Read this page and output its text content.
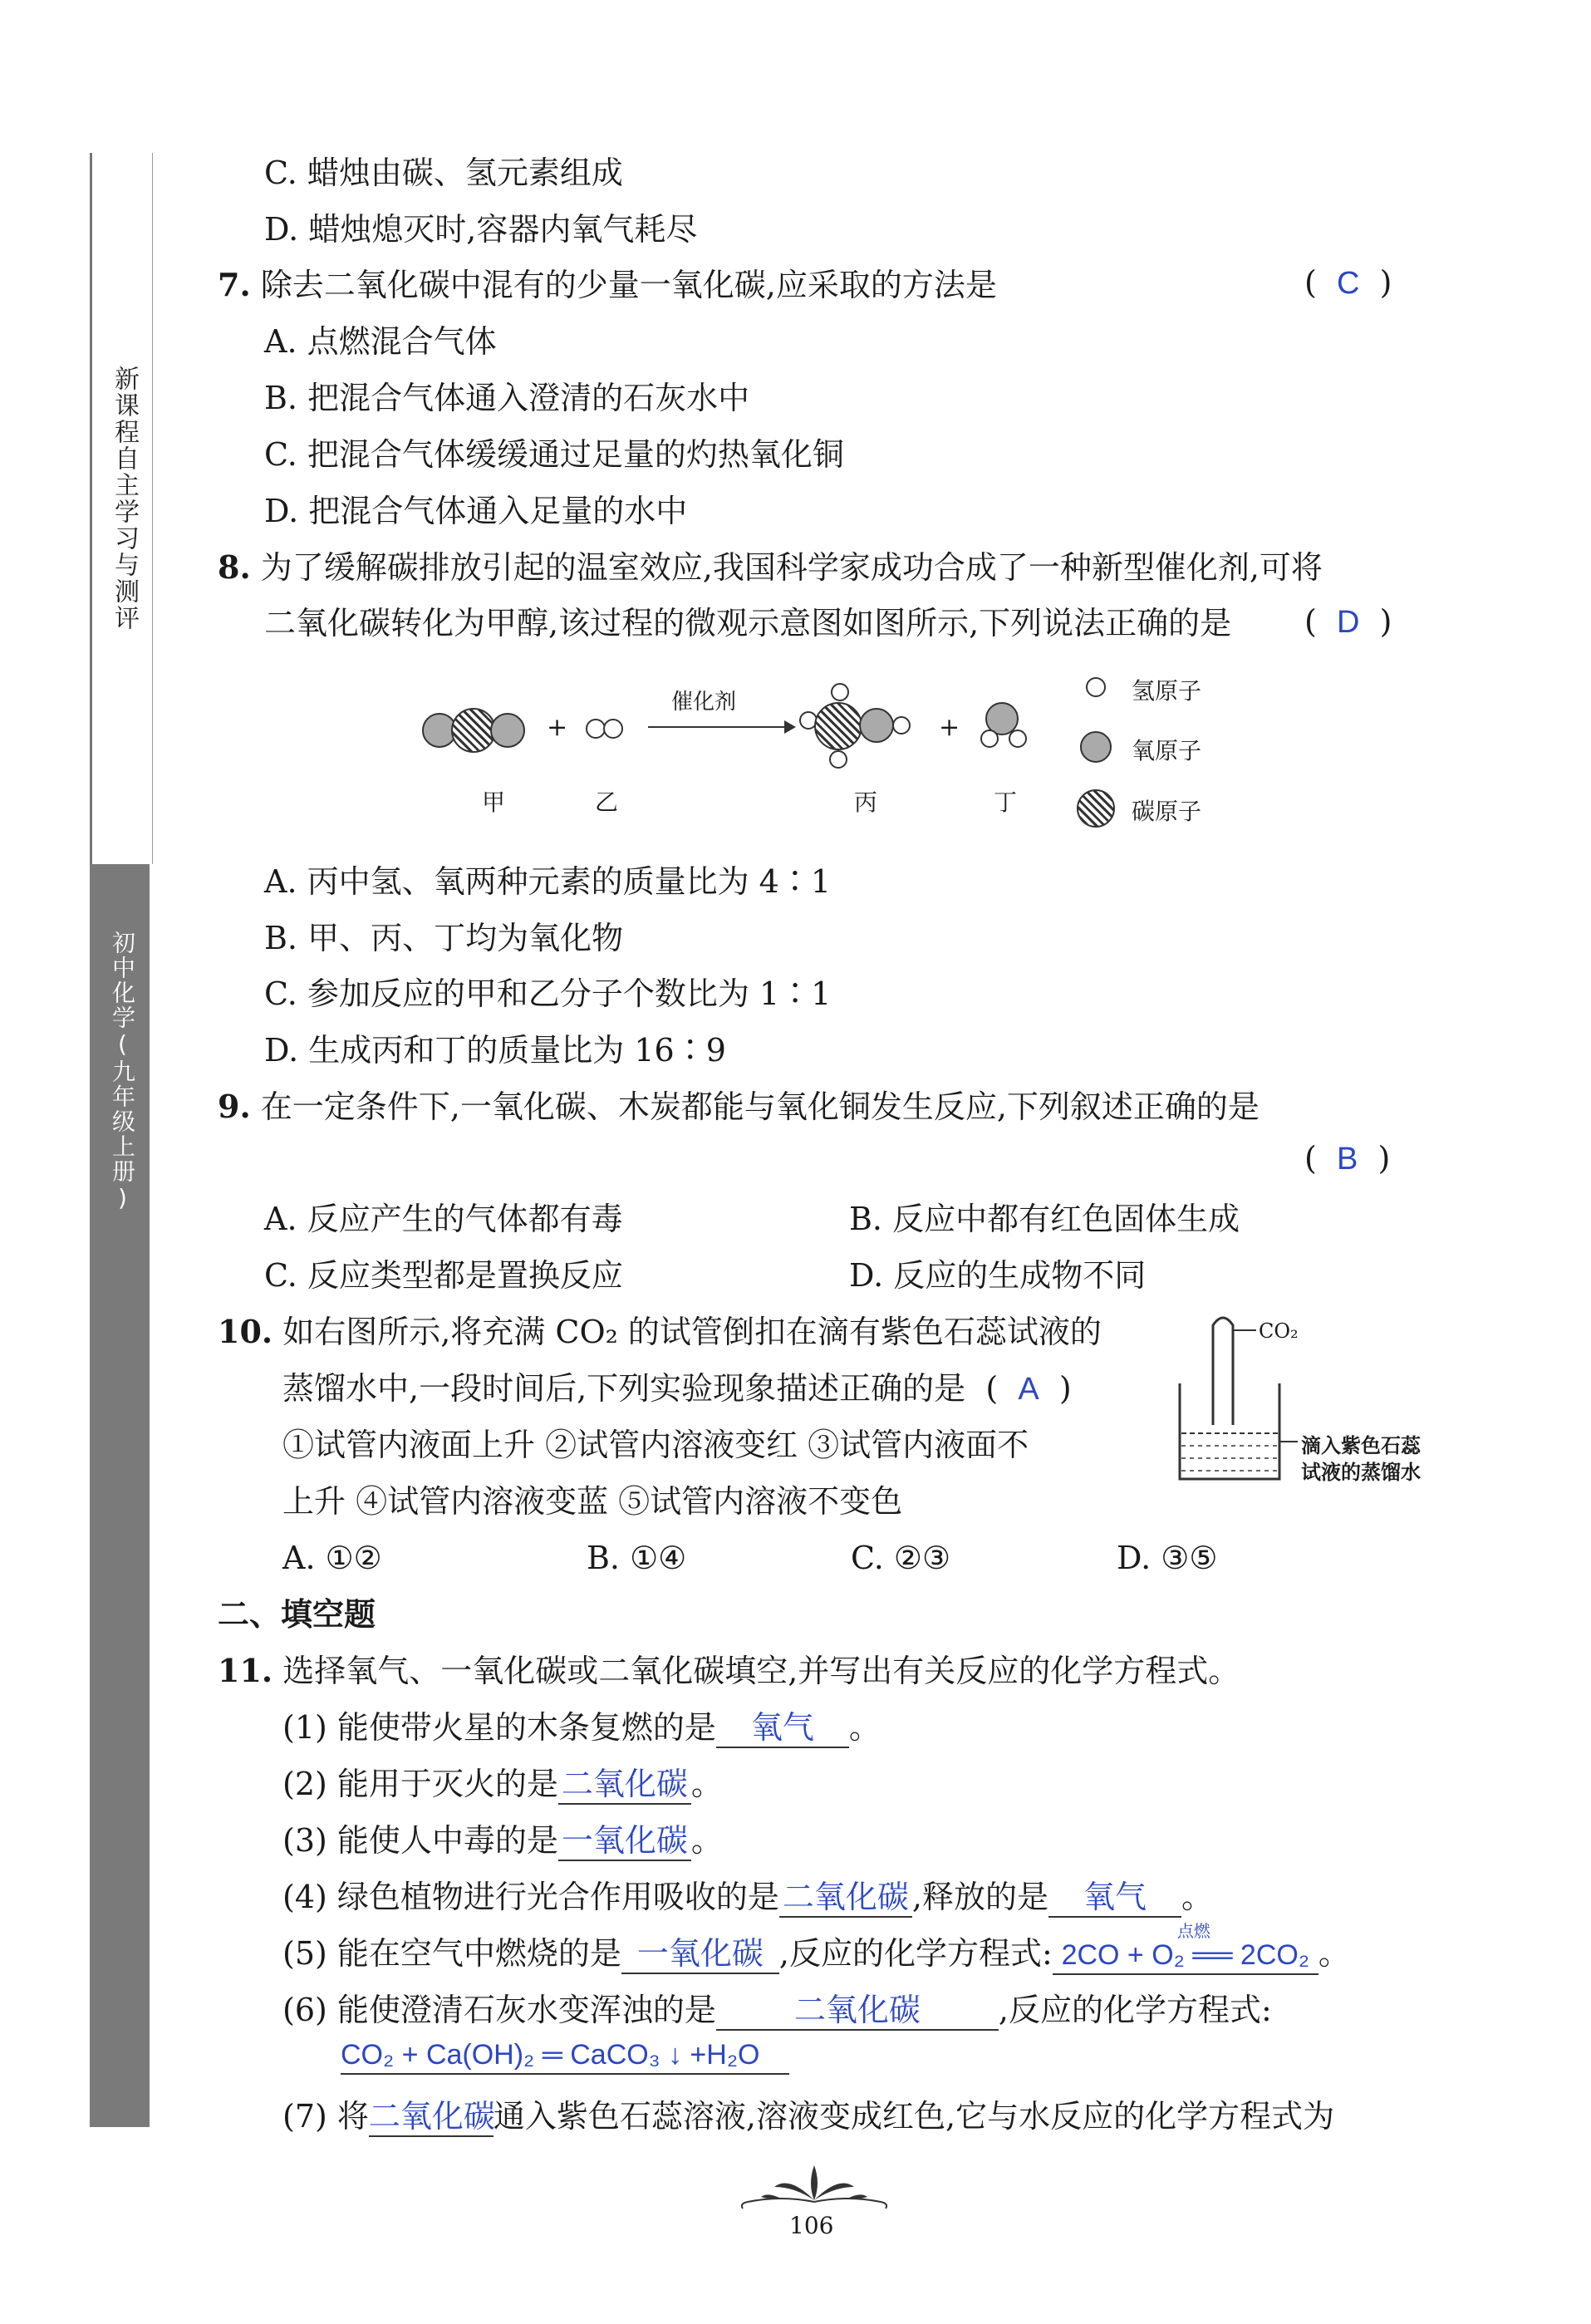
新课程自主学习与测评
初中化学(九年级上册)
C. 蜡烛由碳、氢元素组成
D. 蜡烛熄灭时,容器内氧气耗尽
7. 除去二氧化碳中混有的少量一氧化碳,应采取的方法是	(  C  )
A. 点燃混合气体
B. 把混合气体通入澄清的石灰水中
C. 把混合气体缓缓通过足量的灼热氧化铜
D. 把混合气体通入足量的水中
8. 为了缓解碳排放引起的温室效应,我国科学家成功合成了一种新型催化剂,可将
二氧化碳转化为甲醇,该过程的微观示意图如图所示,下列说法正确的是 (  D  )
+
催化剂
+
甲	乙	丙	丁
氢原子
氧原子
碳原子
A. 丙中氢、氧两种元素的质量比为 4∶1
B. 甲、丙、丁均为氧化物
C. 参加反应的甲和乙分子个数比为 1∶1
D. 生成丙和丁的质量比为 16∶9
9. 在一定条件下,一氧化碳、木炭都能与氧化铜发生反应,下列叙述正确的是
(  B  )
A. 反应产生的气体都有毒	B. 反应中都有红色固体生成
C. 反应类型都是置换反应	D. 反应的生成物不同
10. 如右图所示,将充满 CO₂ 的试管倒扣在滴有紫色石蕊试液的
蒸馏水中,一段时间后,下列实验现象描述正确的是  (  A  )
①试管内液面上升 ②试管内溶液变红 ③试管内液面不
上升 ④试管内溶液变蓝 ⑤试管内溶液不变色
A. ①②	B. ①④	C. ②③	D. ③⑤
CO₂
滴入紫色石蕊
试液的蒸馏水
二、填空题
11. 选择氧气、一氧化碳或二氧化碳填空,并写出有关反应的化学方程式。
(1) 能使带火星的木条复燃的是 氧气 。
(2) 能用于灭火的是 二氧化碳 。
(3) 能使人中毒的是 一氧化碳 。
(4) 绿色植物进行光合作用吸收的是 二氧化碳 ,释放的是 氧气 。
(5) 能在空气中燃烧的是 一氧化碳 ,反应的化学方程式:
点燃
2CO + O₂ ══ 2CO₂ 。
(6) 能使澄清石灰水变浑浊的是 二氧化碳 ,反应的化学方程式:
CO₂ + Ca(OH)₂ ═ CaCO₃ ↓ +H₂O
(7) 将二氧化碳通入紫色石蕊溶液,溶液变成红色,它与水反应的化学方程式为
106
